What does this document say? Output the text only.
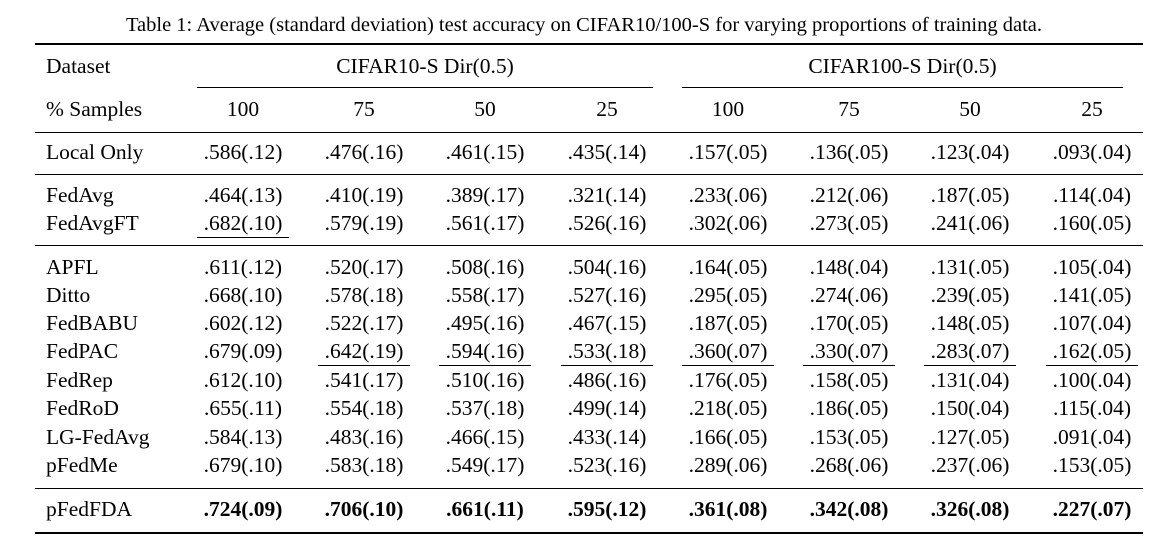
Table 1: Average (standard deviation) test accuracy on CIFAR10/100-S for varying proportions of training data.
Dataset	CIFAR10-S Dir(0.5)	CIFAR100-S Dir(0.5)
% Samples	100	75	50	25	100	75	50	25
Local Only	.586(.12)	.476(.16)	.461(.15)	.435(.14)	.157(.05)	.136(.05)	.123(.04)	.093(.04)
FedAvg	.464(.13)	.410(.19)	.389(.17)	.321(.14)	.233(.06)	.212(.06)	.187(.05)	.114(.04)
FedAvgFT	.682(.10)	.579(.19)	.561(.17)	.526(.16)	.302(.06)	.273(.05)	.241(.06)	.160(.05)
APFL	.611(.12)	.520(.17)	.508(.16)	.504(.16)	.164(.05)	.148(.04)	.131(.05)	.105(.04)
Ditto	.668(.10)	.578(.18)	.558(.17)	.527(.16)	.295(.05)	.274(.06)	.239(.05)	.141(.05)
FedBABU	.602(.12)	.522(.17)	.495(.16)	.467(.15)	.187(.05)	.170(.05)	.148(.05)	.107(.04)
FedPAC	.679(.09)	.642(.19)	.594(.16)	.533(.18)	.360(.07)	.330(.07)	.283(.07)	.162(.05)
FedRep	.612(.10)	.541(.17)	.510(.16)	.486(.16)	.176(.05)	.158(.05)	.131(.04)	.100(.04)
FedRoD	.655(.11)	.554(.18)	.537(.18)	.499(.14)	.218(.05)	.186(.05)	.150(.04)	.115(.04)
LG-FedAvg	.584(.13)	.483(.16)	.466(.15)	.433(.14)	.166(.05)	.153(.05)	.127(.05)	.091(.04)
pFedMe	.679(.10)	.583(.18)	.549(.17)	.523(.16)	.289(.06)	.268(.06)	.237(.06)	.153(.05)
pFedFDA	.724(.09)	.706(.10)	.661(.11)	.595(.12)	.361(.08)	.342(.08)	.326(.08)	.227(.07)
